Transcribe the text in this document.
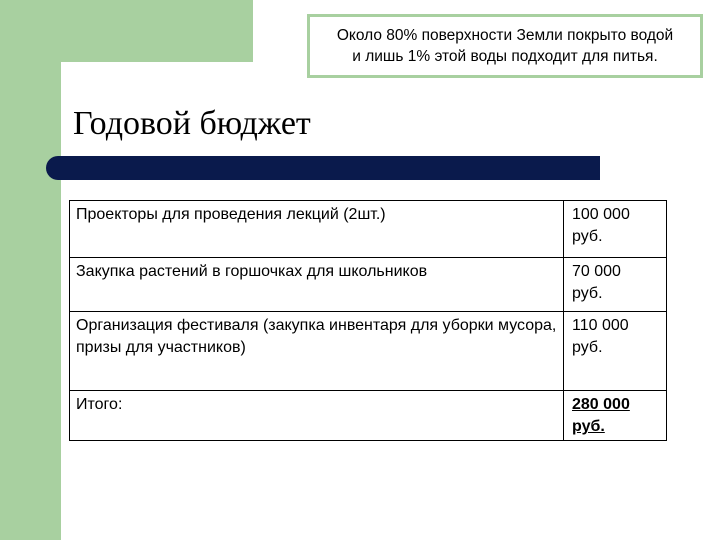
Около 80% поверхности Земли покрыто водой
и лишь 1% этой воды подходит для питья.
Годовой бюджет
Проекторы для проведения лекций (2шт.)	100 000
руб.
Закупка растений в горшочках для школьников	70 000
руб.
Организация фестиваля (закупка инвентаря для уборки мусора, призы для участников)	110 000
руб.
Итого:	280 000
руб.
